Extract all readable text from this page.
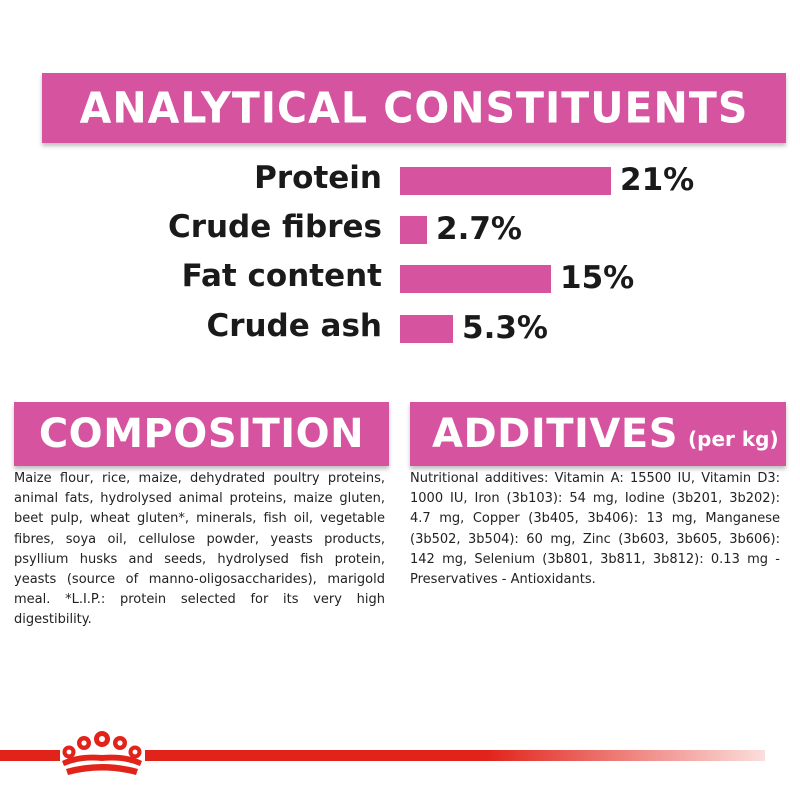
ANALYTICAL CONSTITUENTS
Protein	21%
Crude fibres 2.7%
Fat content	15%
Crude ash	5.3%
COMPOSITION
Maize flour, rice, maize, dehydrated poultry proteins, animal fats, hydrolysed animal proteins, maize gluten, beet pulp, wheat gluten*, minerals, fish oil, vegetable fibres, soya oil, cellulose powder, yeasts products, psyllium husks and seeds, hydrolysed fish protein, yeasts (source of manno-oligosaccharides), marigold meal. *L.I.P.: protein selected for its very high digestibility.
ADDITIVES (per kg)
Nutritional additives: Vitamin A: 15500 IU, Vitamin D3: 1000 IU, Iron (3b103): 54 mg, Iodine (3b201, 3b202): 4.7 mg, Copper (3b405, 3b406): 13 mg, Manganese (3b502, 3b504): 60 mg, Zinc (3b603, 3b605, 3b606): 142 mg, Selenium (3b801, 3b811, 3b812): 0.13 mg - Preservatives - Antioxidants.
